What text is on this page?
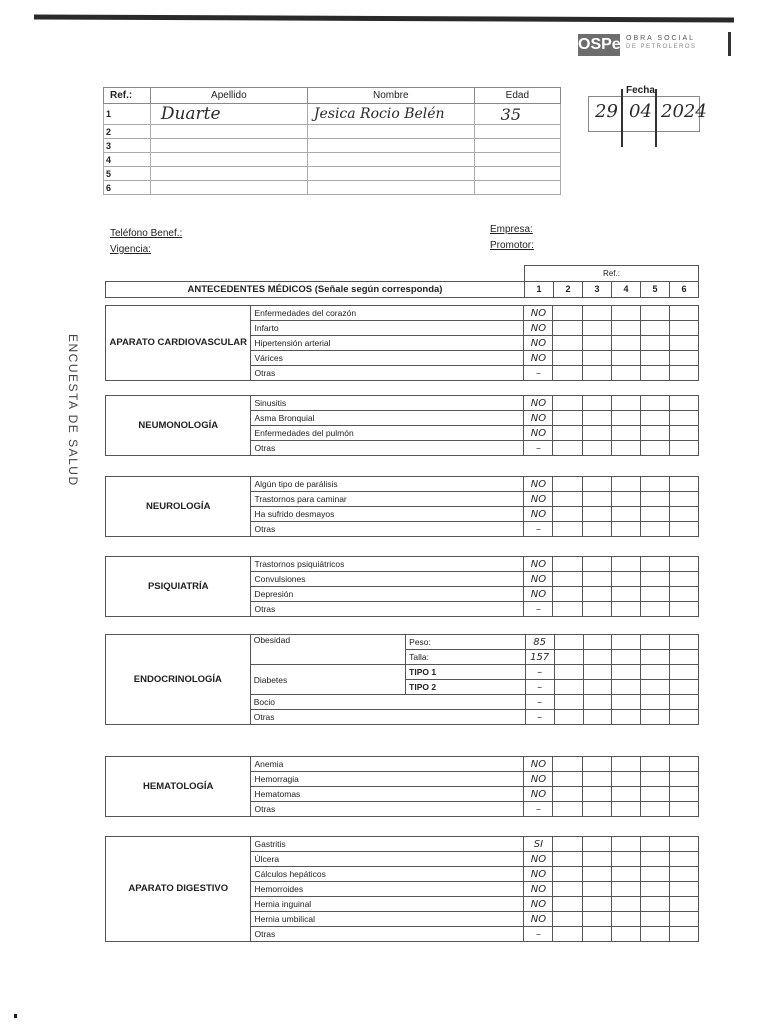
OSPe OBRA SOCIAL
DE PETROLEROS
Ref.:	Apellido	Nombre	Edad
1	Duarte	Jesica Rocio Belén	35
2			
3			
4			
5			
6			
Fecha
29 04 2024
Teléfono Benef.:
Vigencia:
Empresa:
Promotor:
ENCUESTA DE SALUD
	Ref.:					
ANTECEDENTES MÉDICOS (Señale según corresponda)	1	2	3	4	5	6
APARATO CARDIOVASCULAR	Enfermedades del corazón	NO					
	Infarto	NO					
	Hipertensión arterial	NO					
	Várices	NO					
	Otras	–					
NEUMONOLOGÍA	Sinusitis	NO					
	Asma Bronquial	NO					
	Enfermedades del pulmón	NO					
	Otras	–					
NEUROLOGÍA	Algún tipo de parálisis	NO					
	Trastornos para caminar	NO					
	Ha sufrido desmayos	NO					
	Otras	–					
PSIQUIATRÍA	Trastornos psiquiátricos	NO					
	Convulsiones	NO					
	Depresión	NO					
	Otras	–					
HEMATOLOGÍA	Anemia	NO					
	Hemorragia	NO					
	Hematomas	NO					
	Otras	–					
APARATO DIGESTIVO	Gastritis	SI					
	Úlcera	NO					
	Cálculos hepáticos	NO					
	Hemorroides	NO					
	Hernia inguinal	NO					
	Hernia umbilical	NO					
	Otras	–					
ENDOCRINOLOGÍA	Obesidad	Peso:	85					
		Talla:	157					
	Diabetes	TIPO 1	–					
		TIPO 2	–					
	Bocio		–					
	Otras		–					
